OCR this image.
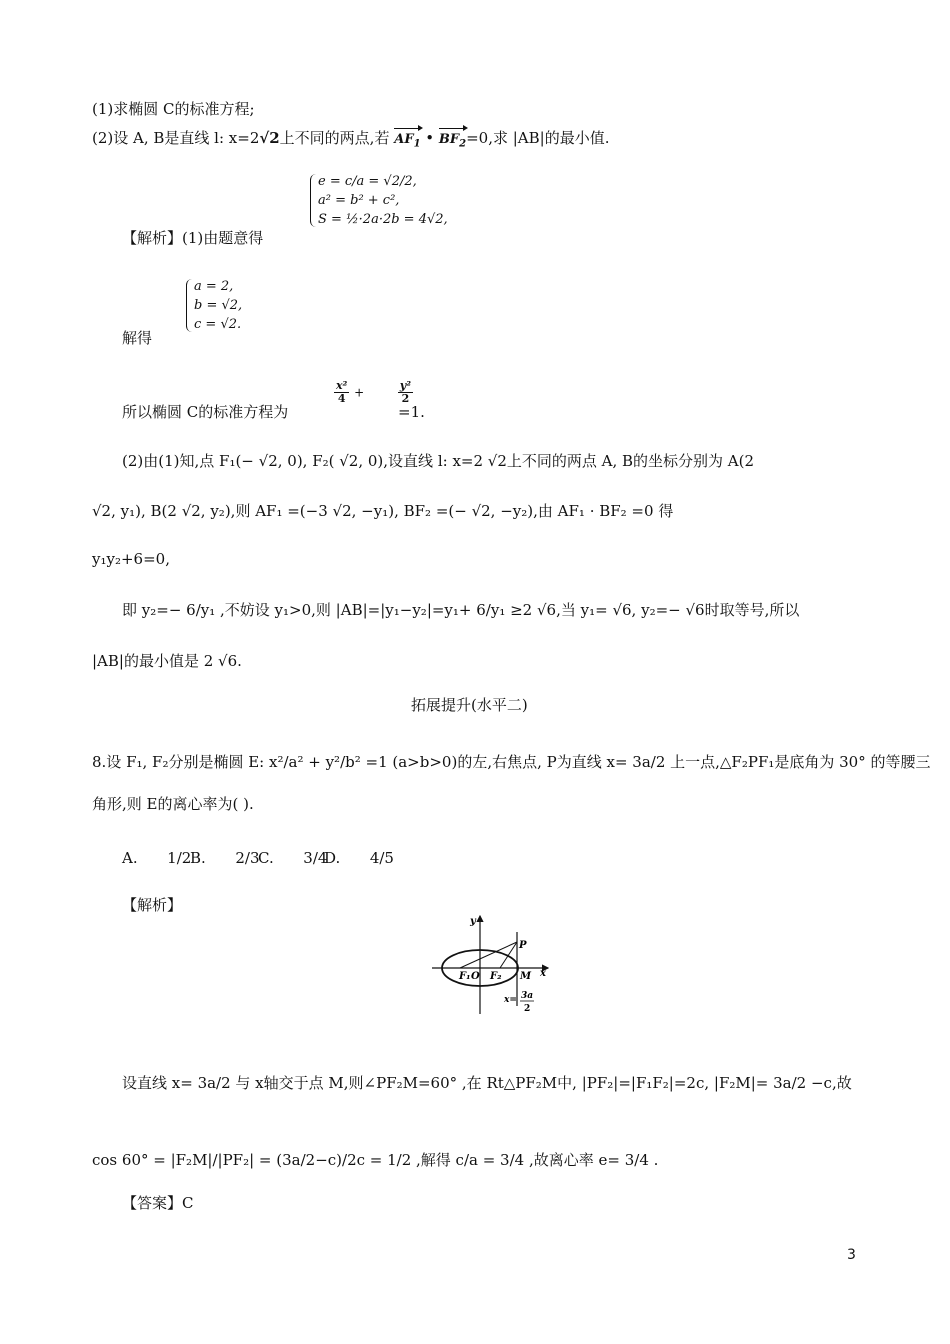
(1)求椭圆 C的标准方程;
(2)设 A, B是直线 l: x=2√2上不同的两点,若 $AF_1$ • $BF_2=0$,求 |AB|的最小值.
【解析】(1)由题意得
e = c/a = √2/2,
a² = b² + c²,
S = ½·2a·2b = 4√2,
解得
a = 2,
b = √2,
c = √2.
所以椭圆 C的标准方程为
$\frac{\text{x²}}{4}$ +	$\frac{\text{y²}}{2}$
=1.
(2)由(1)知,点 F₁(− √2, 0), F₂( √2, 0),设直线 l: x=2 √2上不同的两点 A, B的坐标分别为 A(2
√2, y₁), B(2 √2, y₂),则 AF₁ =(−3 √2, −y₁), BF₂ =(− √2, −y₂),由 AF₁ · BF₂ =0 得
y₁y₂+6=0,
即 y₂=− 6/y₁ ,不妨设 y₁>0,则 |AB|=|y₁−y₂|=y₁+ 6/y₁ ≥2 √6,当 y₁= √6, y₂=− √6时取等号,所以
|AB|的最小值是 2 √6.
拓展提升(水平二)
8.设 F₁, F₂分别是椭圆 E: x²/a² + y²/b² =1 (a>b>0)的左,右焦点, P为直线 x= 3a/2 上一点,△F₂PF₁是底角为 30° 的等腰三
角形,则 E的离心率为( ).
A. 1/2
B. 2/3
C. 3/4
D. 4/5
【解析】
y
P
F₁ O F₂ M x
x= 3a
2
设直线 x= 3a/2 与 x轴交于点 M,则∠PF₂M=60° ,在 Rt△PF₂M中, |PF₂|=|F₁F₂|=2c, |F₂M|= 3a/2 −c,故
cos 60° = |F₂M|/|PF₂| = (3a/2−c)/2c = 1/2 ,解得 c/a = 3/4 ,故离心率 e= 3/4 .
【答案】C
3
